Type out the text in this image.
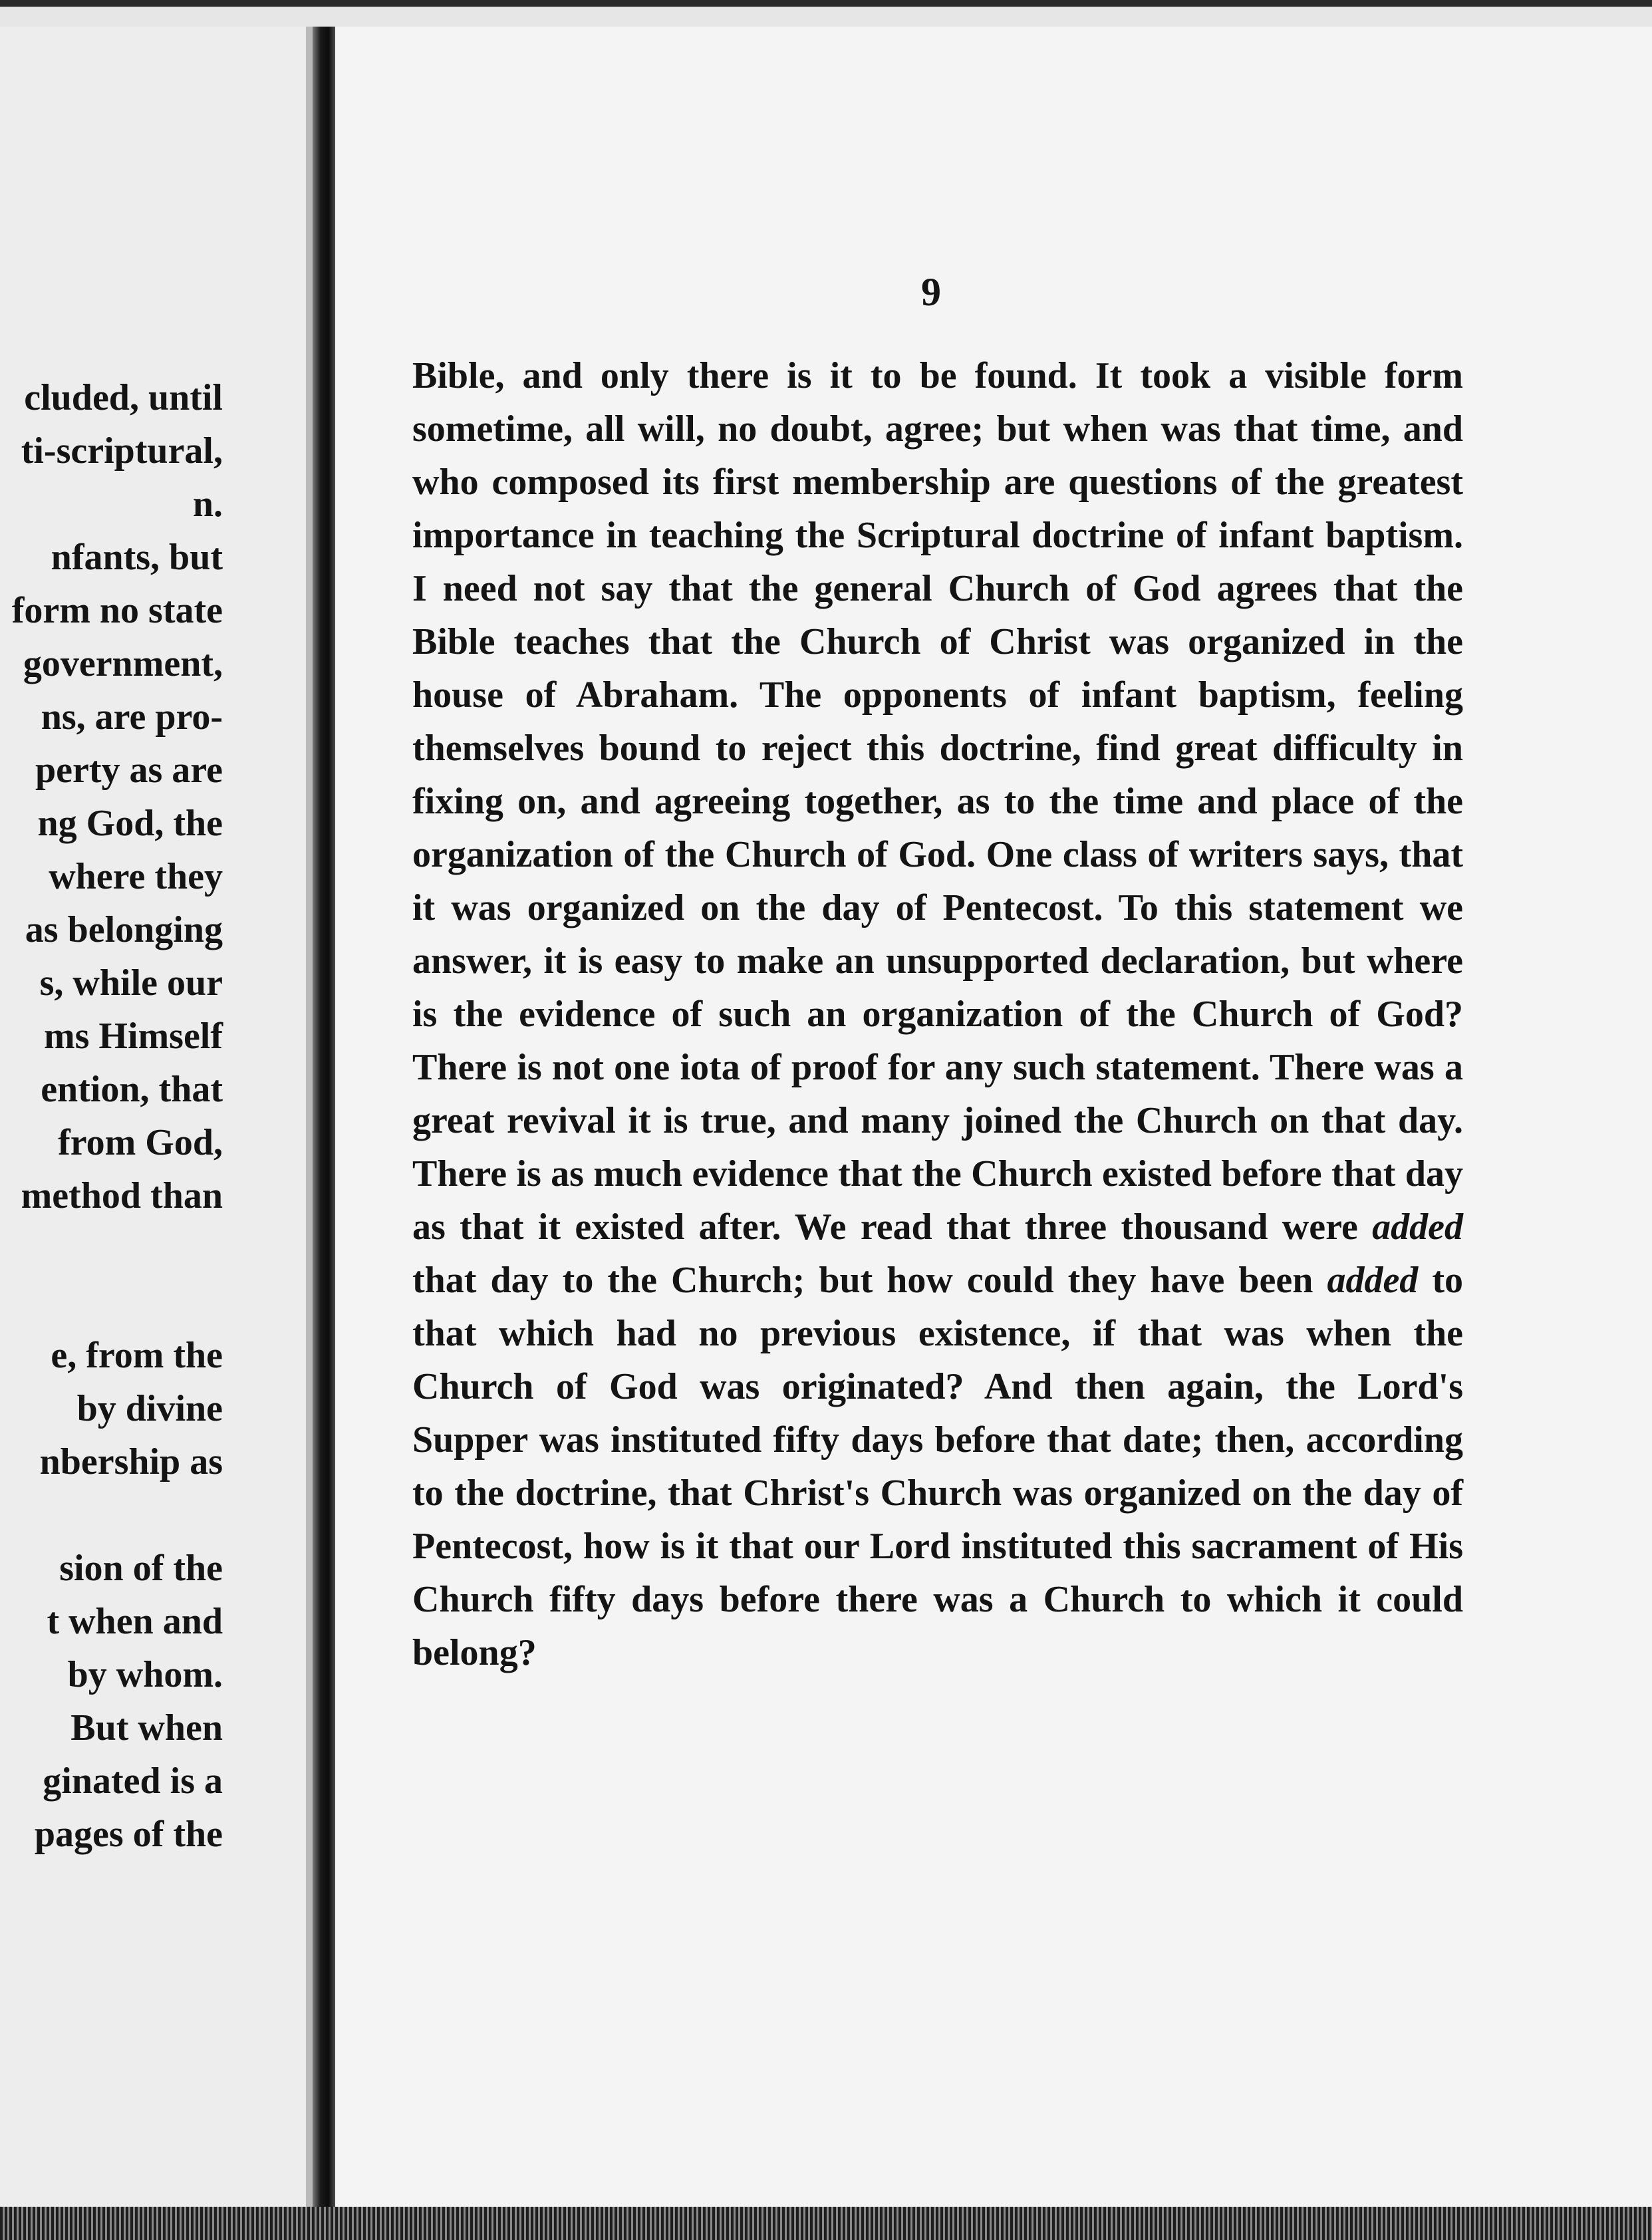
cluded, until
ti-scriptural,
n.
nfants, but
form no state
government,
ns, are pro-
perty as are
ng God, the
where they
as belonging
s, while our
ms Himself
ention, that
from God,
method than
e, from the
by divine
nbership as
sion of the
t when and
by whom.
But when
ginated is a
pages of the
9
Bible, and only there is it to be found. It took a visible form sometime, all will, no doubt, agree; but when was that time, and who composed its first membership are questions of the greatest importance in teaching the Scriptural doctrine of infant baptism. I need not say that the general Church of God agrees that the Bible teaches that the Church of Christ was organized in the house of Abraham. The opponents of infant baptism, feeling themselves bound to reject this doctrine, find great difficulty in fixing on, and agreeing together, as to the time and place of the organization of the Church of God. One class of writers says, that it was organized on the day of Pentecost. To this statement we answer, it is easy to make an unsupported declaration, but where is the evidence of such an organization of the Church of God? There is not one iota of proof for any such statement. There was a great revival it is true, and many joined the Church on that day. There is as much evidence that the Church existed before that day as that it existed after. We read that three thousand were added that day to the Church; but how could they have been added to that which had no previous existence, if that was when the Church of God was originated? And then again, the Lord's Supper was instituted fifty days before that date; then, according to the doctrine, that Christ's Church was organized on the day of Pentecost, how is it that our Lord instituted this sacrament of His Church fifty days before there was a Church to which it could belong?
